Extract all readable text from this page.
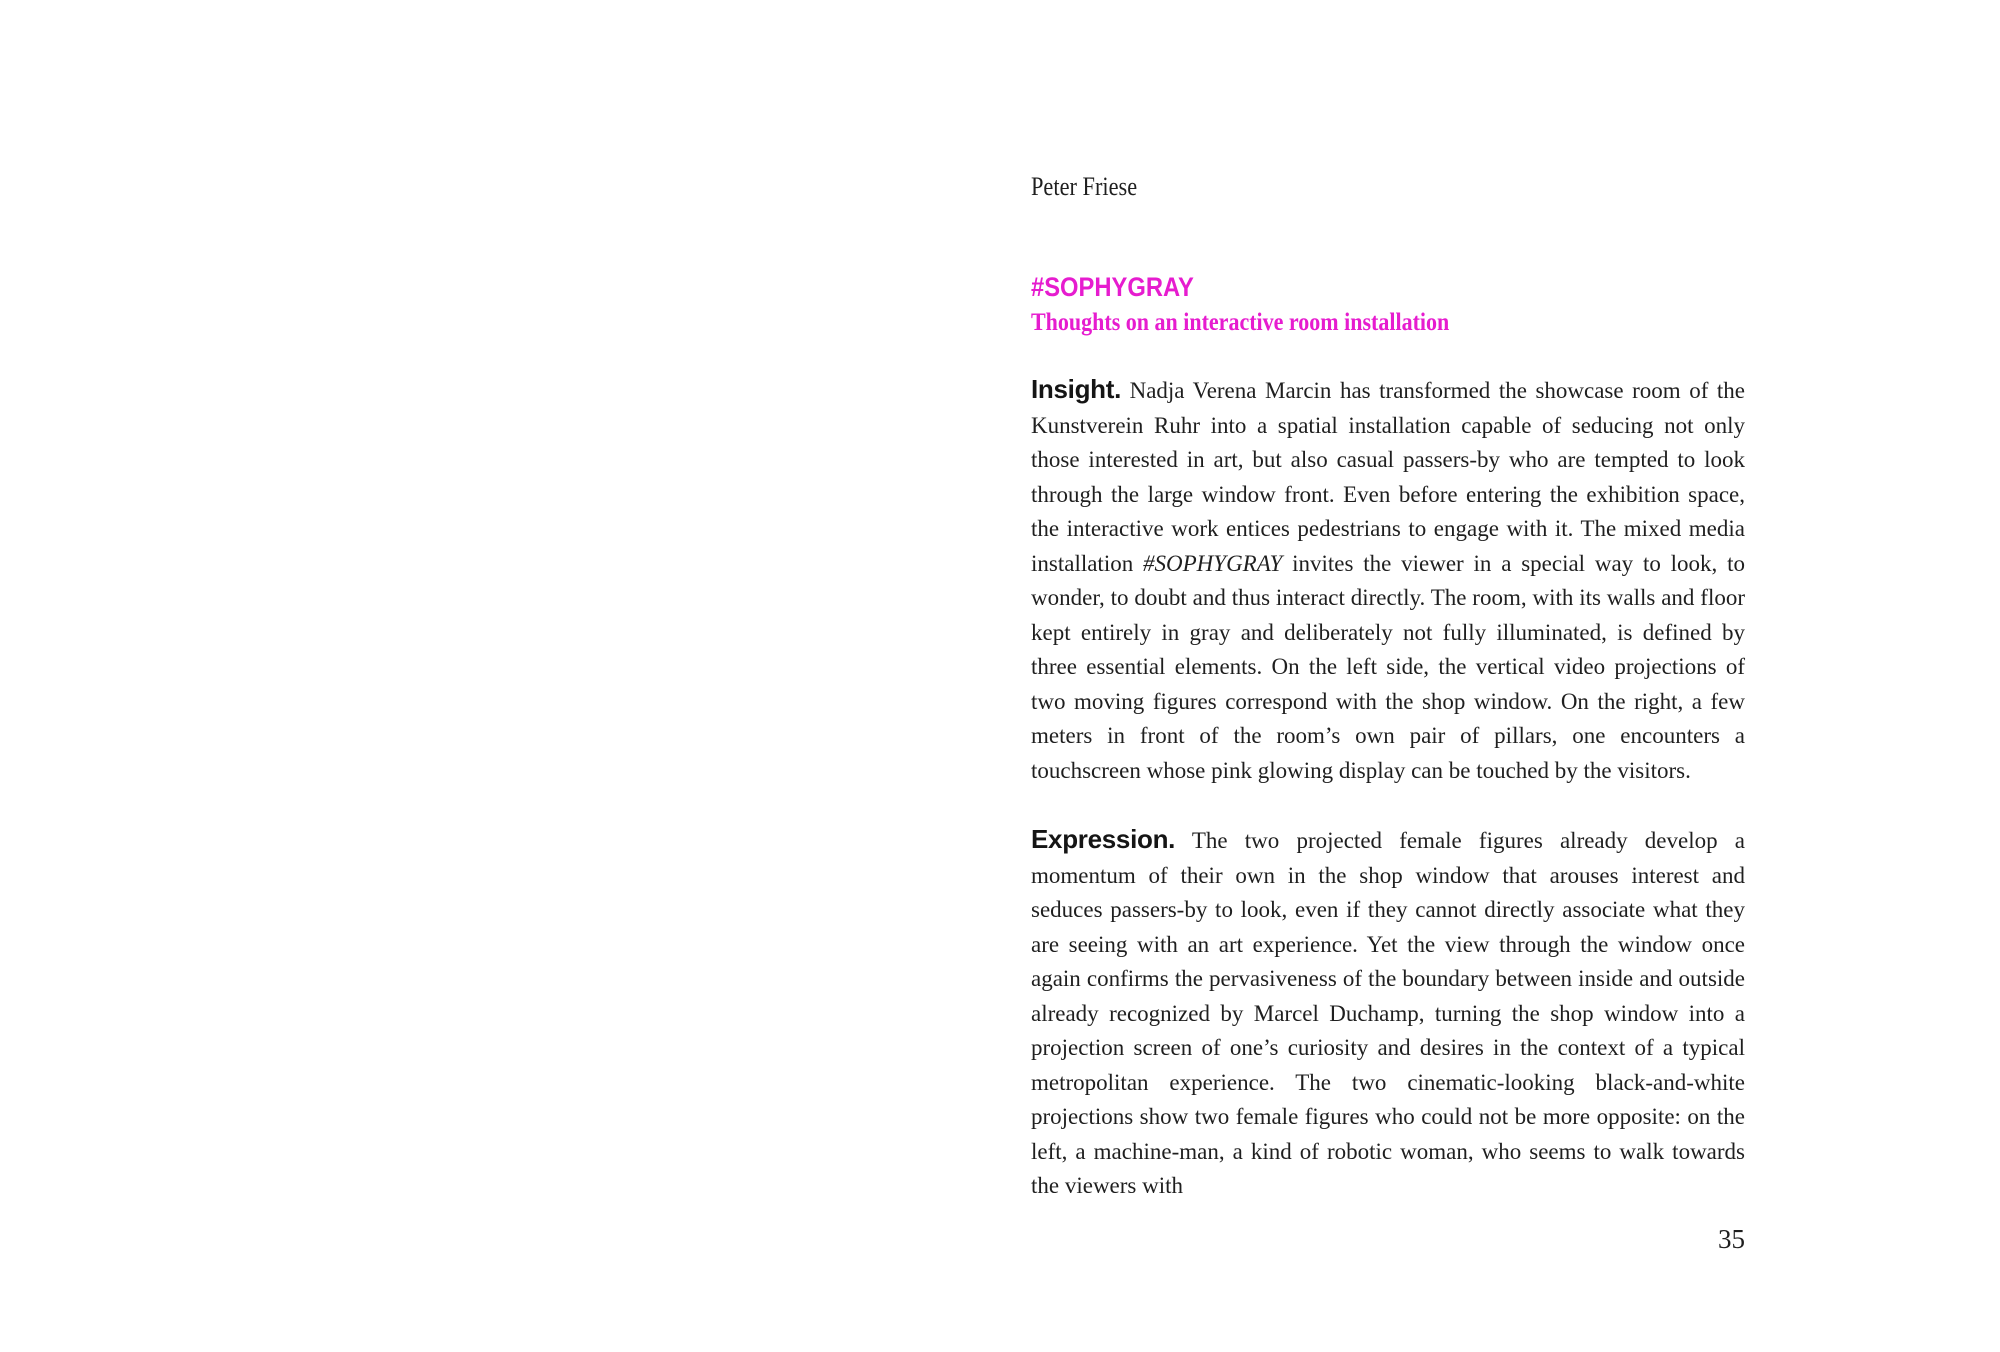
Peter Friese

#SOPHYGRAY
Thoughts on an interactive room installation

Insight. Nadja Verena Marcin has transformed the showcase room of the Kunstverein Ruhr into a spatial installation capable of seducing not only those interested in art, but also casual passers-by who are tempted to look through the large window front. Even before entering the exhibition space, the interactive work entices pedestrians to engage with it. The mixed media installation #SOPHYGRAY invites the viewer in a special way to look, to wonder, to doubt and thus interact directly. The room, with its walls and floor kept entirely in gray and deliberately not fully illuminated, is defined by three essential elements. On the left side, the vertical video projections of two moving figures correspond with the shop window. On the right, a few meters in front of the room’s own pair of pillars, one encounters a touchscreen whose pink glowing display can be touched by the visitors.

Expression. The two projected female figures already develop a momentum of their own in the shop window that arouses interest and seduces passers-by to look, even if they cannot directly associate what they are seeing with an art experience. Yet the view through the window once again confirms the pervasiveness of the boundary between inside and outside already recognized by Marcel Duchamp, turning the shop window into a projection screen of one’s curiosity and desires in the context of a typical metropolitan experience. The two cinematic-looking black-and-white projections show two female figures who could not be more opposite: on the left, a machine-man, a kind of robotic woman, who seems to walk towards the viewers with

35
